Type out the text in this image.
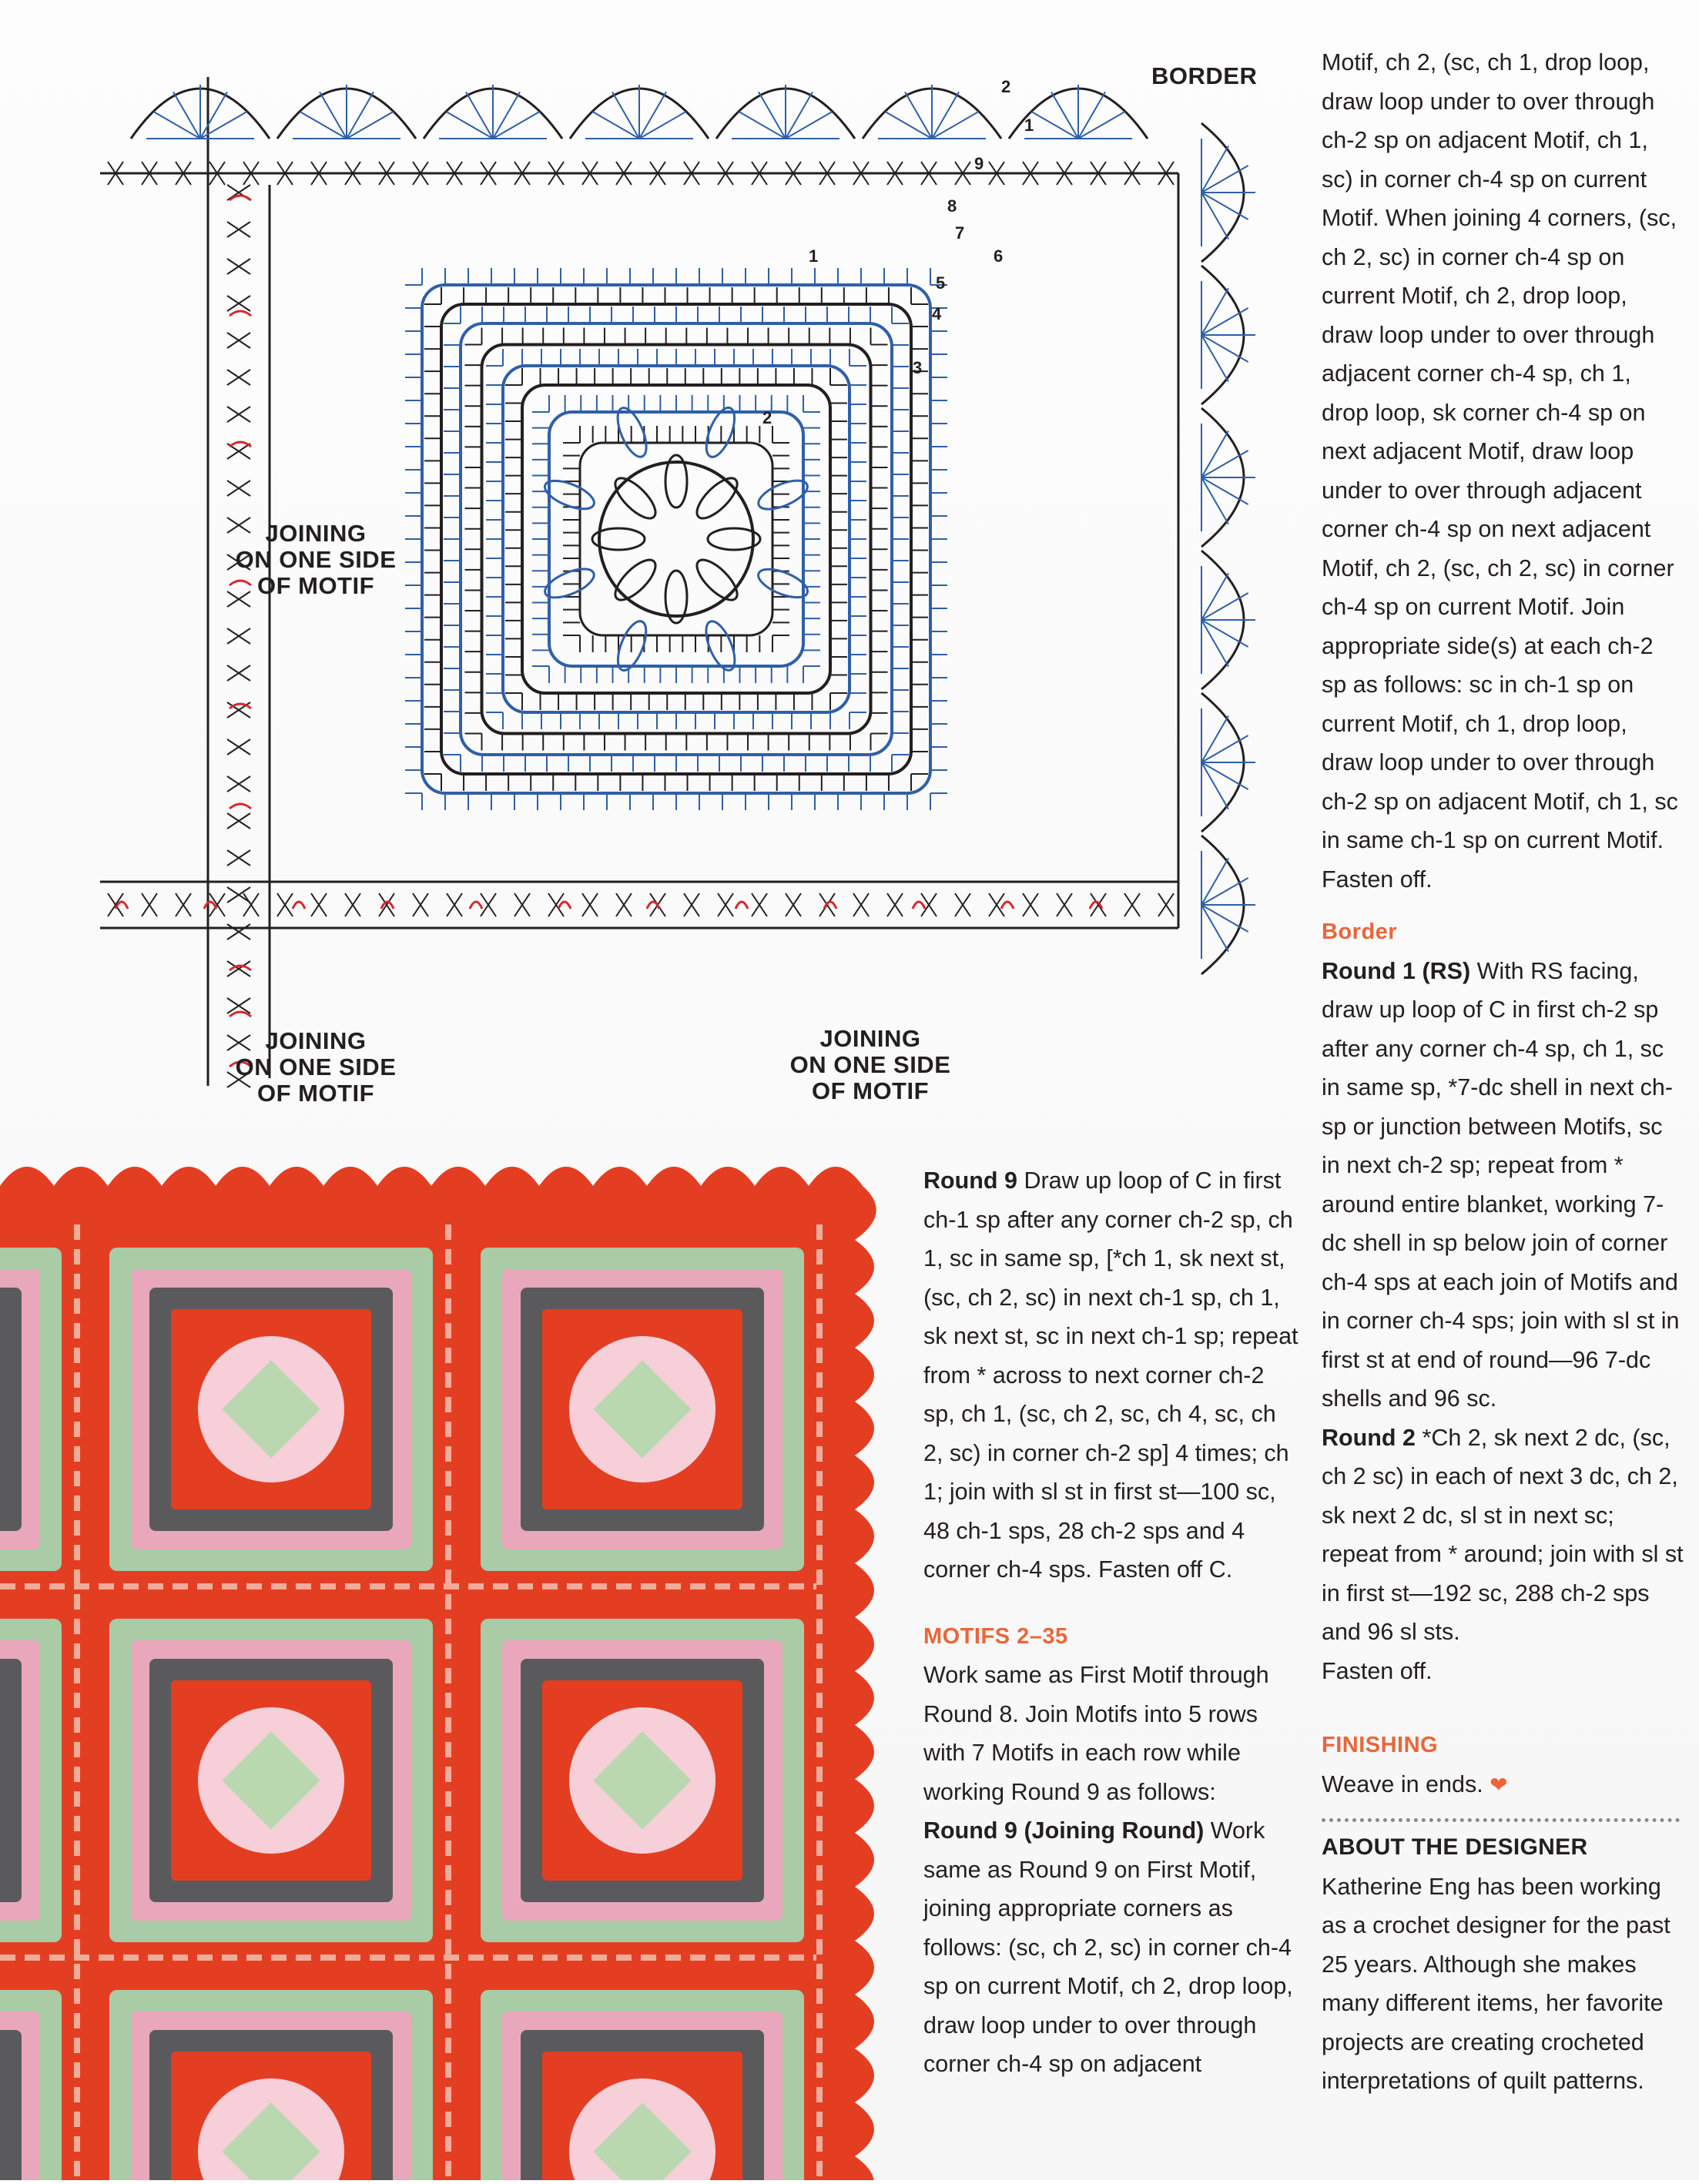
1
2
3
4
5
6
7
8
9
1
2	BORDER
JOINING
ON ONE SIDE
OF MOTIF
JOINING
ON ONE SIDE
OF MOTIF
JOINING
ON ONE SIDE
OF MOTIF

Motif, ch 2, (sc, ch 1, drop loop, draw loop under to over through ch-2 sp on adjacent Motif, ch 1, sc) in corner ch-4 sp on current Motif. When joining 4 corners, (sc, ch 2, sc) in corner ch-4 sp on current Motif, ch 2, drop loop, draw loop under to over through adjacent corner ch-4 sp, ch 1, drop loop, sk corner ch-4 sp on next adjacent Motif, draw loop under to over through adjacent corner ch-4 sp on next adjacent Motif, ch 2, (sc, ch 2, sc) in corner ch-4 sp on current Motif. Join appropriate side(s) at each ch-2 sp as follows: sc in ch-1 sp on current Motif, ch 1, drop loop, draw loop under to over through ch-2 sp on adjacent Motif, ch 1, sc in same ch-1 sp on current Motif.

Fasten off.

Border

Round 1 (RS) With RS facing, draw up loop of C in first ch-2 sp after any corner ch-4 sp, ch 1, sc in same sp, *7-dc shell in next ch-sp or junction between Motifs, sc in next ch-2 sp; repeat from * around entire blanket, working 7-dc shell in sp below join of corner ch-4 sps at each join of Motifs and in corner ch-4 sps; join with sl st in first st at end of round—96 7-dc shells and 96 sc.

Round 2 *Ch 2, sk next 2 dc, (sc, ch 2 sc) in each of next 3 dc, ch 2, sk next 2 dc, sl st in next sc; repeat from * around; join with sl st in first st—192 sc, 288 ch-2 sps and 96 sl sts.

Fasten off.

FINISHING

Weave in ends. ❤

ABOUT THE DESIGNER

Katherine Eng has been working as a crochet designer for the past 25 years. Although she makes many different items, her favorite projects are creating crocheted interpretations of quilt patterns.

Round 9 Draw up loop of C in first ch-1 sp after any corner ch-2 sp, ch 1, sc in same sp, [*ch 1, sk next st, (sc, ch 2, sc) in next ch-1 sp, ch 1, sk next st, sc in next ch-1 sp; repeat from * across to next corner ch-2 sp, ch 1, (sc, ch 2, sc, ch 4, sc, ch 2, sc) in corner ch-2 sp] 4 times; ch 1; join with sl st in first st—100 sc, 48 ch-1 sps, 28 ch-2 sps and 4 corner ch-4 sps. Fasten off C.

MOTIFS 2–35

Work same as First Motif through Round 8. Join Motifs into 5 rows with 7 Motifs in each row while working Round 9 as follows:

Round 9 (Joining Round) Work same as Round 9 on First Motif, joining appropriate corners as follows: (sc, ch 2, sc) in corner ch-4 sp on current Motif, ch 2, drop loop, draw loop under to over through corner ch-4 sp on adjacent
